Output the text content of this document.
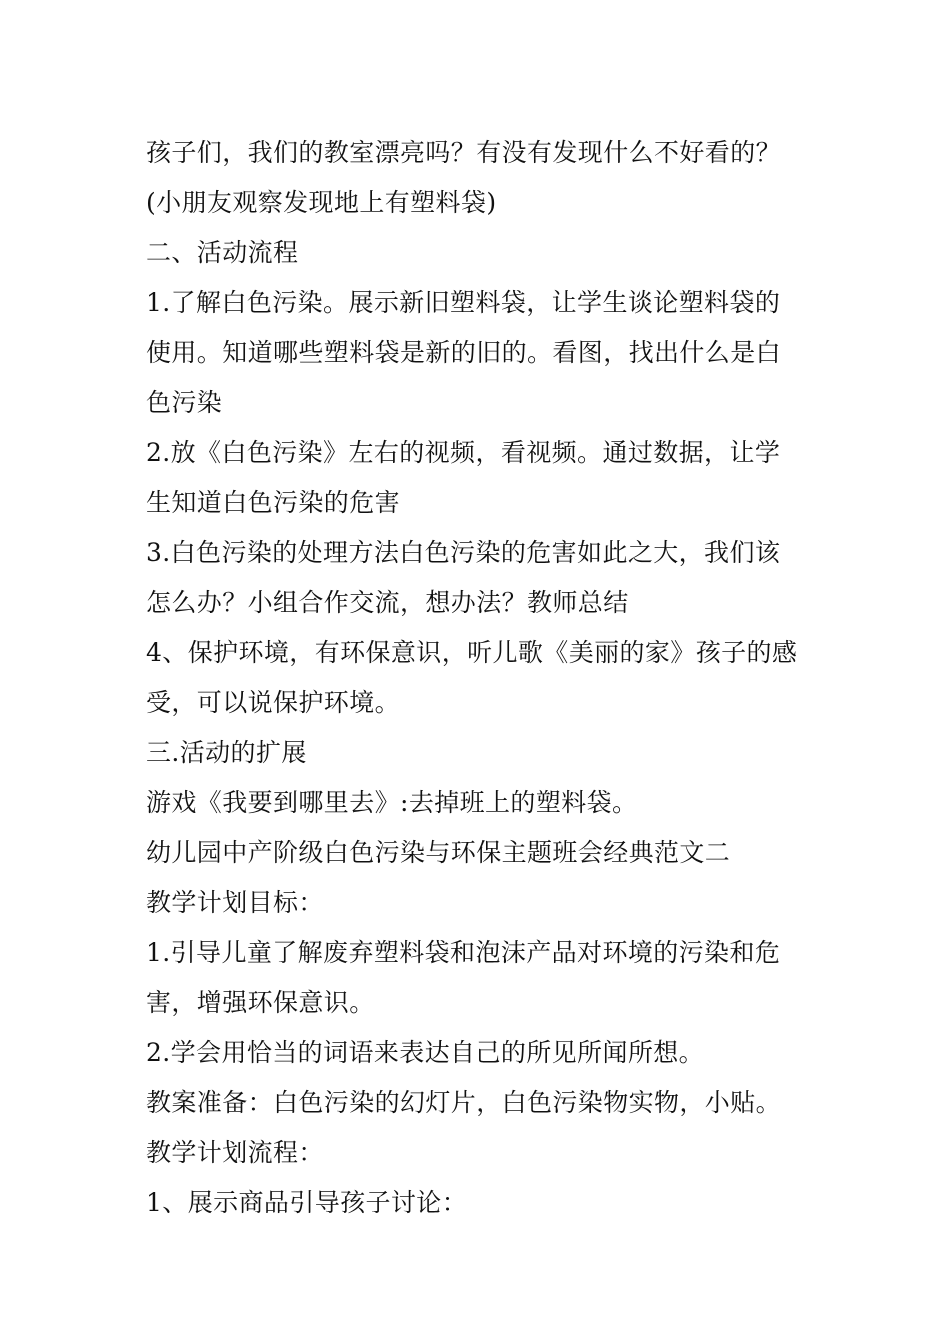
孩子们，我们的教室漂亮吗？有没有发现什么不好看的？
(小朋友观察发现地上有塑料袋)
二、活动流程
1.了解白色污染。展示新旧塑料袋，让学生谈论塑料袋的
使用。知道哪些塑料袋是新的旧的。看图，找出什么是白
色污染
2.放《白色污染》左右的视频，看视频。通过数据，让学
生知道白色污染的危害
3.白色污染的处理方法白色污染的危害如此之大，我们该
怎么办？小组合作交流，想办法？教师总结
4、保护环境，有环保意识，听儿歌《美丽的家》孩子的感
受，可以说保护环境。
三.活动的扩展
游戏《我要到哪里去》:去掉班上的塑料袋。
幼儿园中产阶级白色污染与环保主题班会经典范文二
教学计划目标：
1.引导儿童了解废弃塑料袋和泡沫产品对环境的污染和危
害，增强环保意识。
2.学会用恰当的词语来表达自己的所见所闻所想。
教案准备：白色污染的幻灯片，白色污染物实物，小贴。
教学计划流程：
1、展示商品引导孩子讨论：
